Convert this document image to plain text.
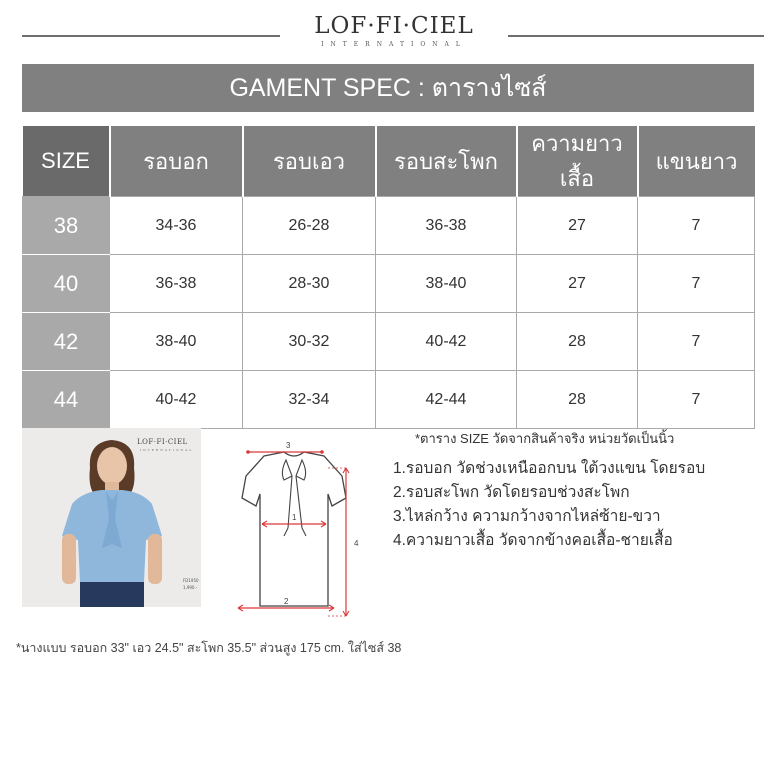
LOF·FI·CIEL
INTERNATIONAL
GAMENT SPEC : ตารางไซส์
SIZE	รอบอก	รอบเอว	รอบสะโพก	ความยาวเสื้อ	แขนยาว
38	34-36	26-28	36-38	27	7
40	36-38	28-30	38-40	27	7
42	38-40	30-32	40-42	28	7
44	40-42	32-34	42-44	28	7
LOF·FI·CIEL
INTERNATIONAL
FD1950
1,990.-
3
4
2
1
*ตาราง SIZE วัดจากสินค้าจริง หน่วยวัดเป็นนิ้ว
1.รอบอก วัดช่วงเหนืออกบน ใต้วงแขน โดยรอบ
2.รอบสะโพก วัดโดยรอบช่วงสะโพก
3.ไหล่กว้าง ความกว้างจากไหล่ซ้าย-ขวา
4.ความยาวเสื้อ วัดจากข้างคอเสื้อ-ชายเสื้อ
*นางแบบ รอบอก 33" เอว 24.5" สะโพก 35.5" ส่วนสูง 175 cm. ใส่ไซส์ 38
